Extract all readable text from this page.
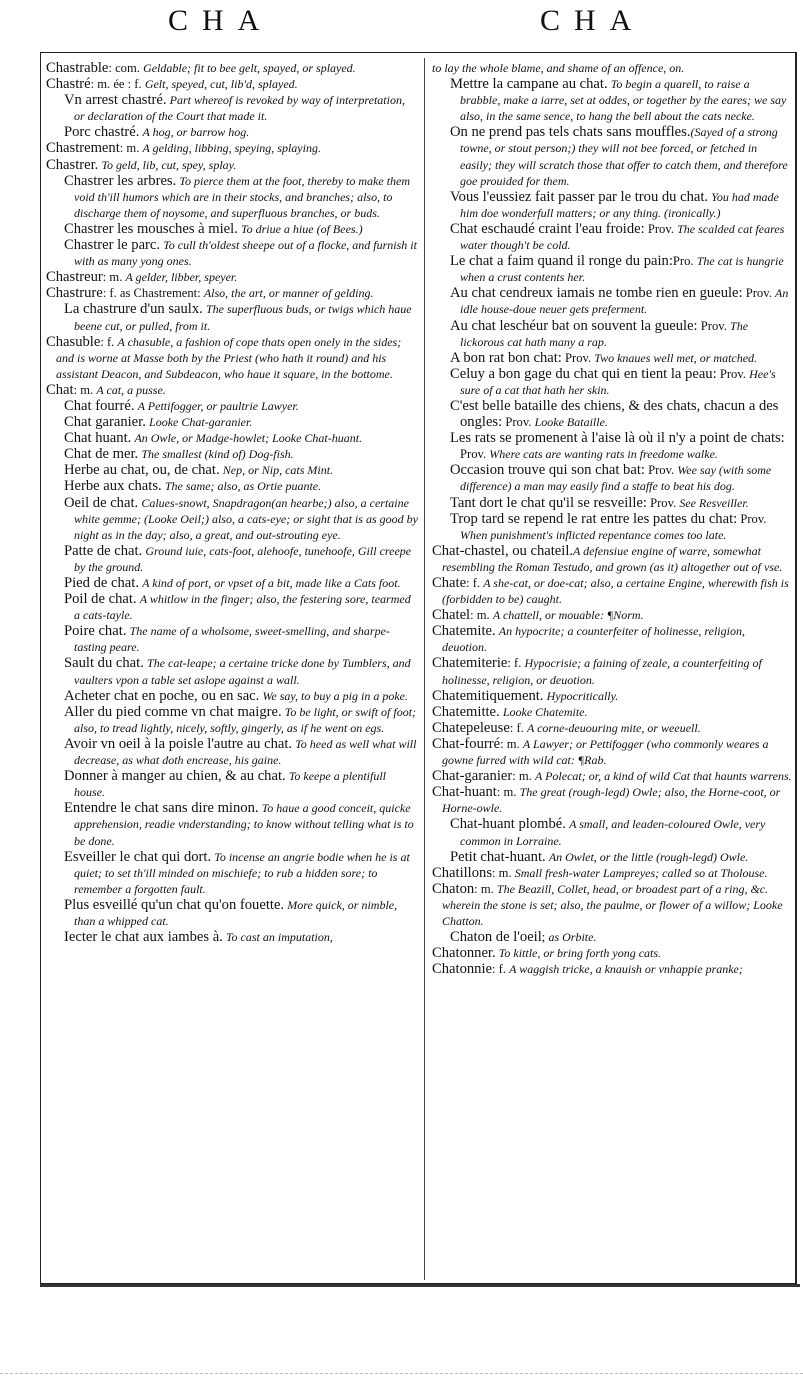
CHA	CHA

Chastrable: com. Geldable; fit to bee gelt, spayed, or splayed.

Chastré: m. ée : f. Gelt, speyed, cut, lib'd, splayed.

Vn arrest chastré. Part whereof is revoked by way of interpretation, or declaration of the Court that made it.

Porc chastré. A hog, or barrow hog.

Chastrement: m. A gelding, libbing, speying, splaying.

Chastrer. To geld, lib, cut, spey, splay.

Chastrer les arbres. To pierce them at the foot, thereby to make them void th'ill humors which are in their stocks, and branches; also, to discharge them of noysome, and superfluous branches, or buds.

Chastrer les mousches à miel. To driue a hiue (of Bees.)

Chastrer le parc. To cull th'oldest sheepe out of a flocke, and furnish it with as many yong ones.

Chastreur: m. A gelder, libber, speyer.

Chastrure: f. as Chastrement: Also, the art, or manner of gelding.

La chastrure d'un saulx. The superfluous buds, or twigs which haue beene cut, or pulled, from it.

Chasuble: f. A chasuble, a fashion of cope thats open onely in the sides; and is worne at Masse both by the Priest (who hath it round) and his assistant Deacon, and Subdeacon, who haue it square, in the bottome.

Chat: m. A cat, a pusse.

Chat fourré. A Pettifogger, or paultrie Lawyer.

Chat garanier. Looke Chat-garanier.

Chat huant. An Owle, or Madge-howlet; Looke Chat-huant.

Chat de mer. The smallest (kind of) Dog-fish.

Herbe au chat, ou, de chat. Nep, or Nip, cats Mint.

Herbe aux chats. The same; also, as Ortie puante.

Oeil de chat. Calues-snowt, Snapdragon(an hearbe;) also, a certaine white gemme; (Looke Oeil;) also, a cats-eye; or sight that is as good by night as in the day; also, a great, and out-strouting eye.

Patte de chat. Ground iuie, cats-foot, alehoofe, tunehoofe, Gill creepe by the ground.

Pied de chat. A kind of port, or vpset of a bit, made like a Cats foot.

Poil de chat. A whitlow in the finger; also, the festering sore, tearmed a cats-tayle.

Poire chat. The name of a wholsome, sweet-smelling, and sharpe-tasting peare.

Sault du chat. The cat-leape; a certaine tricke done by Tumblers, and vaulters vpon a table set aslope against a wall.

Acheter chat en poche, ou en sac. We say, to buy a pig in a poke.

Aller du pied comme vn chat maigre. To be light, or swift of foot; also, to tread lightly, nicely, softly, gingerly, as if he went on egs.

Avoir vn oeil à la poisle l'autre au chat. To heed as well what will decrease, as what doth encrease, his gaine.

Donner à manger au chien, & au chat. To keepe a plentifull house.

Entendre le chat sans dire minon. To haue a good conceit, quicke apprehension, readie vnderstanding; to know without telling what is to be done.

Esveiller le chat qui dort. To incense an angrie bodie when he is at quiet; to set th'ill minded on mischiefe; to rub a hidden sore; to remember a forgotten fault.

Plus esveillé qu'un chat qu'on fouette. More quick, or nimble, than a whipped cat.

Iecter le chat aux iambes à. To cast an imputation,

to lay the whole blame, and shame of an offence, on.

Mettre la campane au chat. To begin a quarell, to raise a brabble, make a iarre, set at oddes, or together by the eares; we say also, in the same sence, to hang the bell about the cats necke.

On ne prend pas tels chats sans mouffles.(Sayed of a strong towne, or stout person;) they will not bee forced, or fetched in easily; they will scratch those that offer to catch them, and therefore goe prouided for them.

Vous l'eussiez fait passer par le trou du chat. You had made him doe wonderfull matters; or any thing. (ironically.)

Chat eschaudé craint l'eau froide: Prov. The scalded cat feares water though't be cold.

Le chat a faim quand il ronge du pain:Pro. The cat is hungrie when a crust contents her.

Au chat cendreux iamais ne tombe rien en gueule: Prov. An idle house-doue neuer gets preferment.

Au chat leschéur bat on souvent la gueule: Prov. The lickorous cat hath many a rap.

A bon rat bon chat: Prov. Two knaues well met, or matched.

Celuy a bon gage du chat qui en tient la peau: Prov. Hee's sure of a cat that hath her skin.

C'est belle bataille des chiens, & des chats, chacun a des ongles: Prov. Looke Bataille.

Les rats se promenent à l'aise là où il n'y a point de chats: Prov. Where cats are wanting rats in freedome walke.

Occasion trouve qui son chat bat: Prov. Wee say (with some difference) a man may easily find a staffe to beat his dog.

Tant dort le chat qu'il se resveille: Prov. See Resveiller.

Trop tard se repend le rat entre les pattes du chat: Prov. When punishment's inflicted repentance comes too late.

Chat-chastel, ou chateil.A defensiue engine of warre, somewhat resembling the Roman Testudo, and grown (as it) altogether out of vse.

Chate: f. A she-cat, or doe-cat; also, a certaine Engine, wherewith fish is (forbidden to be) caught.

Chatel: m. A chattell, or mouable: ¶Norm.

Chatemite. An hypocrite; a counterfeiter of holinesse, religion, deuotion.

Chatemiterie: f. Hypocrisie; a faining of zeale, a counterfeiting of holinesse, religion, or deuotion.

Chatemitiquement. Hypocritically.

Chatemitte. Looke Chatemite.

Chatepeleuse: f. A corne-deuouring mite, or weeuell.

Chat-fourré: m. A Lawyer; or Pettifogger (who commonly weares a gowne furred with wild cat: ¶Rab.

Chat-garanier: m. A Polecat; or, a kind of wild Cat that haunts warrens.

Chat-huant: m. The great (rough-legd) Owle; also, the Horne-coot, or Horne-owle.

Chat-huant plombé. A small, and leaden-coloured Owle, very common in Lorraine.

Petit chat-huant. An Owlet, or the little (rough-legd) Owle.

Chatillons: m. Small fresh-water Lampreyes; called so at Tholouse.

Chaton: m. The Beazill, Collet, head, or broadest part of a ring, &c. wherein the stone is set; also, the paulme, or flower of a willow; Looke Chatton.

Chaton de l'oeil; as Orbite.

Chatonner. To kittle, or bring forth yong cats.

Chatonnie: f. A waggish tricke, a knauish or vnhappie pranke;
